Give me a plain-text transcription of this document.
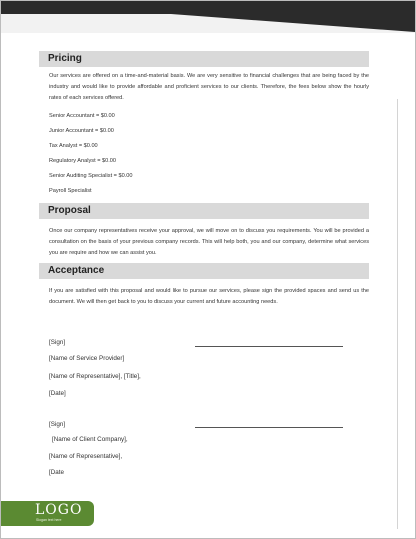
Pricing

Our services are offered on a time-and-material basis. We are very sensitive to financial challenges that are being faced by the industry and would like to provide affordable and proficient services to our clients. Therefore, the fees below show the hourly rates of each services offered.

Senior Accountant = $0.00
Junior Accountant = $0.00
Tax Analyst = $0.00
Regulatory Analyst = $0.00
Senior Auditing Specialist = $0.00
Payroll Specialist
Proposal

Once our company representatives receive your approval, we will move on to discuss you requirements. You will be provided a consultation on the basis of your previous company records. This will help both, you and our company, determine what services you are require and how we can assist you.

Acceptance

If you are satisfied with this proposal and would like to pursue our services, please sign the provided spaces and send us the document. We will then get back to you to discuss your current and future accounting needs.

[Sign]
[Name of Service Provider]
[Name of Representative], [Title],
[Date]
[Sign]
[Name of Client Company],
[Name of Representative],
[Date
LOGO
Slogan text here
